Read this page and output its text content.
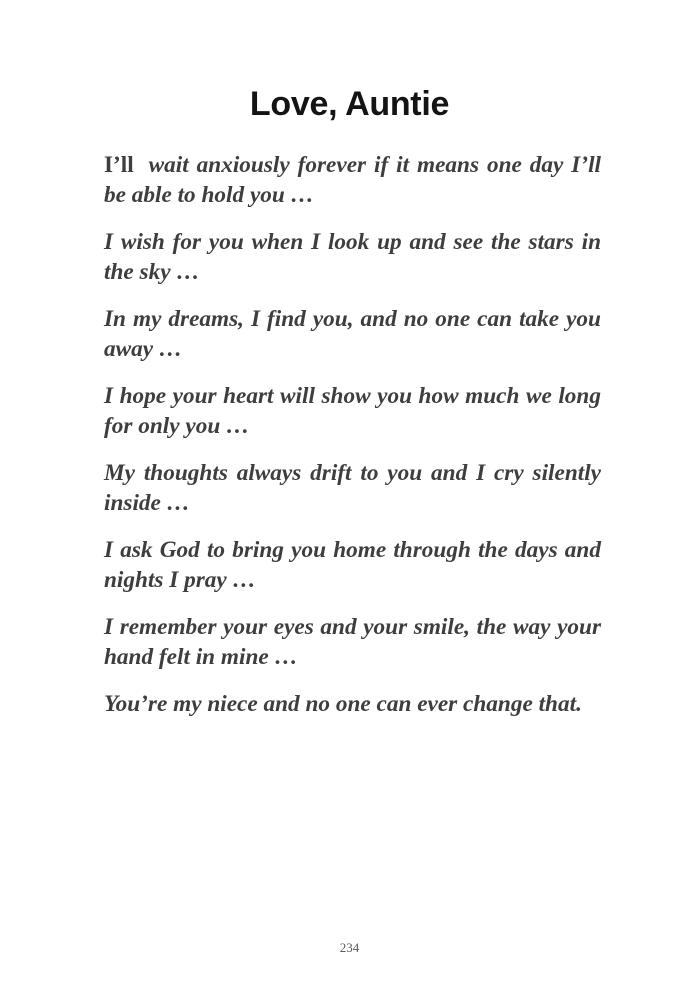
Love, Auntie

I’ll wait anxiously forever if it means one day I’ll be able to hold you …

I wish for you when I look up and see the stars in the sky …

In my dreams, I find you, and no one can take you away …

I hope your heart will show you how much we long for only you …

My thoughts always drift to you and I cry silently inside …

I ask God to bring you home through the days and nights I pray …

I remember your eyes and your smile, the way your hand felt in mine …

You’re my niece and no one can ever change that.

234
